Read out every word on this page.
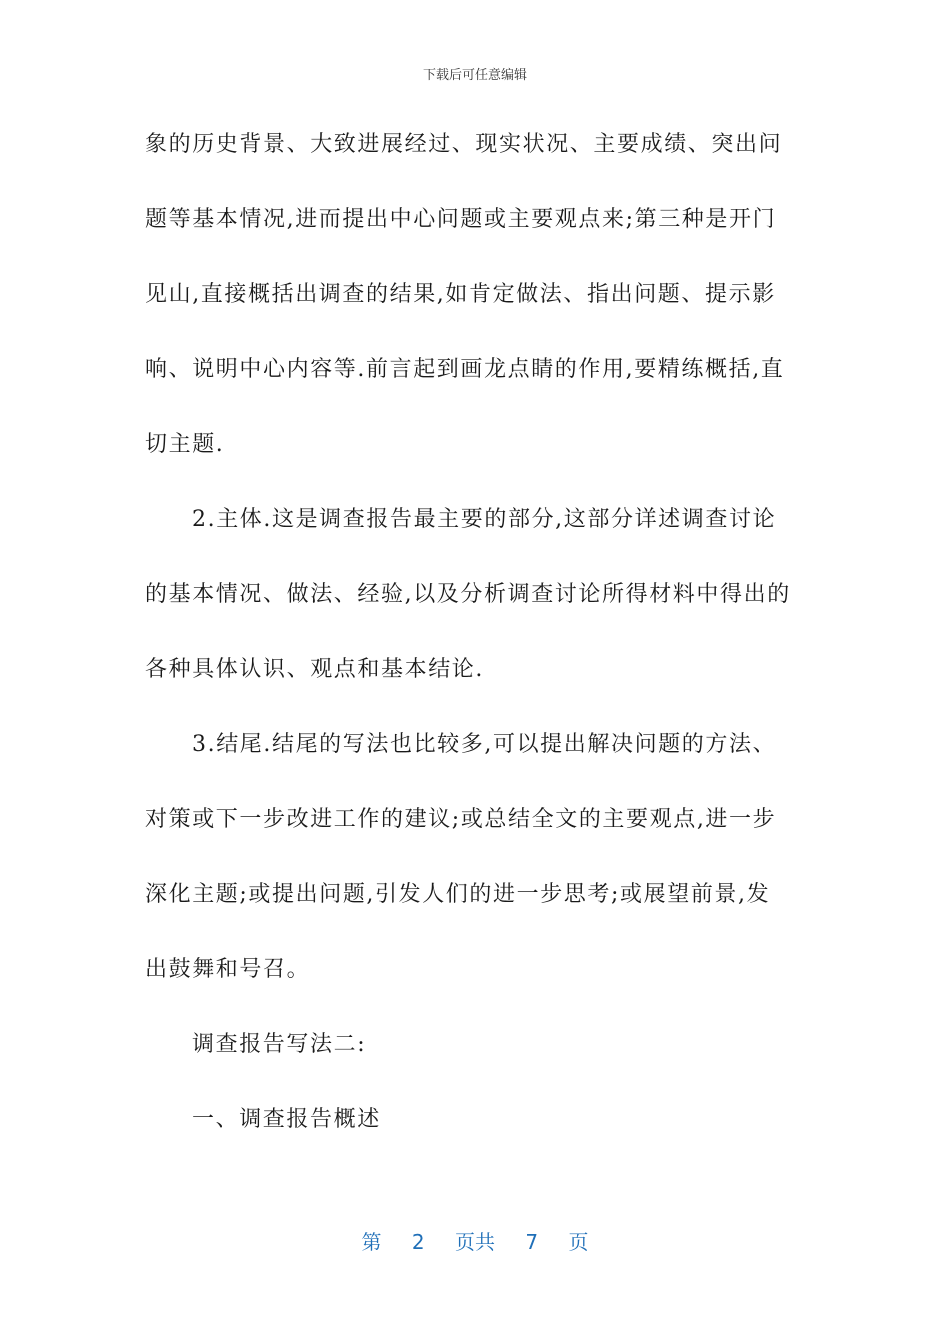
下载后可任意编辑
象的历史背景、大致进展经过、现实状况、主要成绩、突出问
题等基本情况,进而提出中心问题或主要观点来;第三种是开门
见山,直接概括出调查的结果,如肯定做法、指出问题、提示影
响、说明中心内容等.前言起到画龙点睛的作用,要精练概括,直
切主题.
2.主体.这是调查报告最主要的部分,这部分详述调查讨论
的基本情况、做法、经验,以及分析调查讨论所得材料中得出的
各种具体认识、观点和基本结论.
3.结尾.结尾的写法也比较多,可以提出解决问题的方法、
对策或下一步改进工作的建议;或总结全文的主要观点,进一步
深化主题;或提出问题,引发人们的进一步思考;或展望前景,发
出鼓舞和号召。
调查报告写法二:
一、调查报告概述
第 2 页共 7 页
